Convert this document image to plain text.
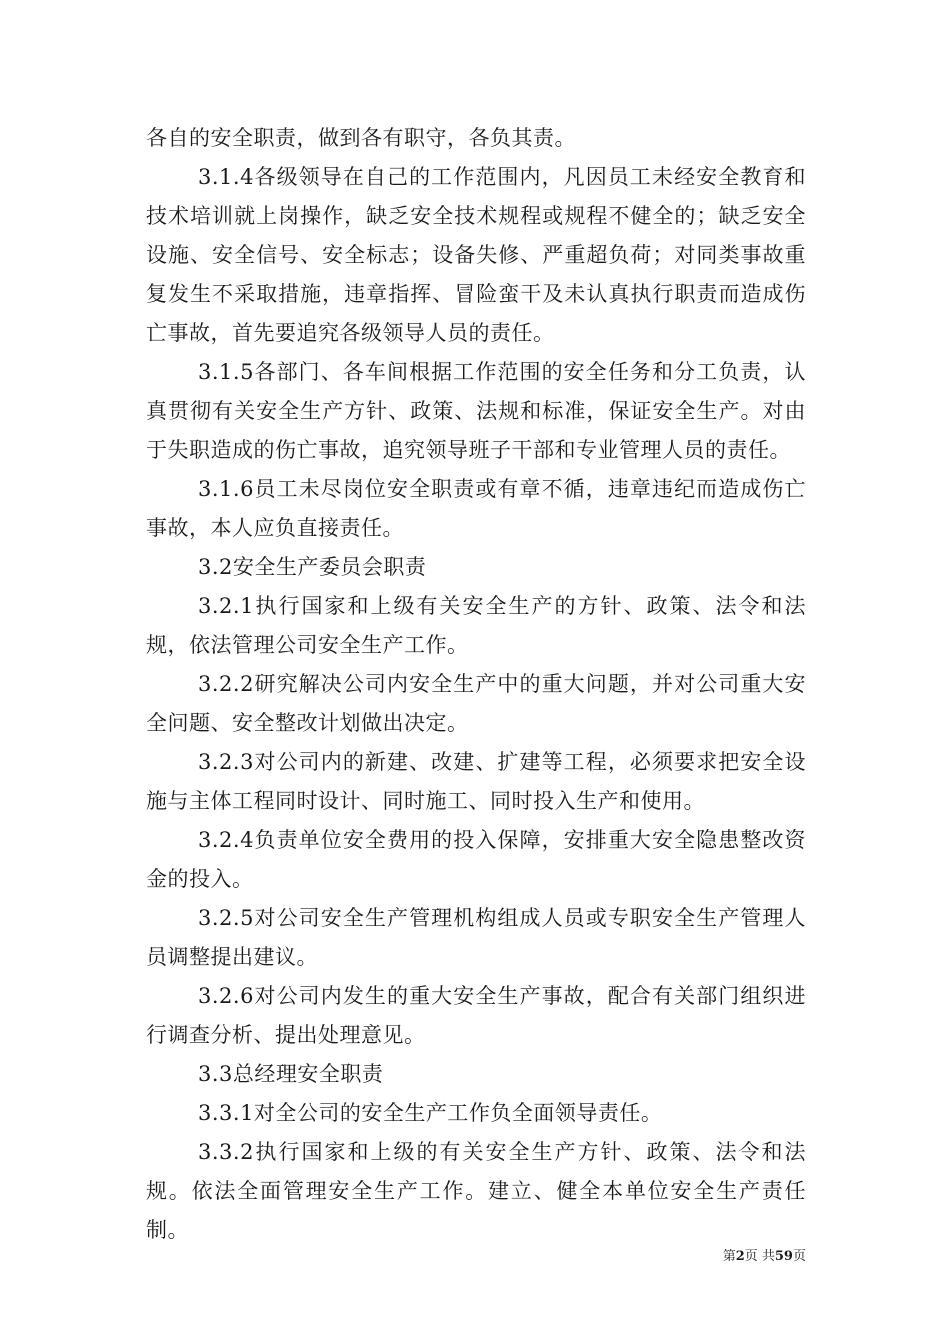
各自的安全职责，做到各有职守，各负其责。

3.1.4各级领导在自己的工作范围内，凡因员工未经安全教育和技术培训就上岗操作，缺乏安全技术规程或规程不健全的；缺乏安全设施、安全信号、安全标志；设备失修、严重超负荷；对同类事故重复发生不采取措施，违章指挥、冒险蛮干及未认真执行职责而造成伤亡事故，首先要追究各级领导人员的责任。

3.1.5各部门、各车间根据工作范围的安全任务和分工负责，认真贯彻有关安全生产方针、政策、法规和标准，保证安全生产。对由于失职造成的伤亡事故，追究领导班子干部和专业管理人员的责任。

3.1.6员工未尽岗位安全职责或有章不循，违章违纪而造成伤亡事故，本人应负直接责任。

3.2安全生产委员会职责

3.2.1执行国家和上级有关安全生产的方针、政策、法令和法规，依法管理公司安全生产工作。

3.2.2研究解决公司内安全生产中的重大问题，并对公司重大安全问题、安全整改计划做出决定。

3.2.3对公司内的新建、改建、扩建等工程，必须要求把安全设施与主体工程同时设计、同时施工、同时投入生产和使用。

3.2.4负责单位安全费用的投入保障，安排重大安全隐患整改资金的投入。

3.2.5对公司安全生产管理机构组成人员或专职安全生产管理人员调整提出建议。

3.2.6对公司内发生的重大安全生产事故，配合有关部门组织进行调查分析、提出处理意见。

3.3总经理安全职责

3.3.1对全公司的安全生产工作负全面领导责任。

3.3.2执行国家和上级的有关安全生产方针、政策、法令和法规。依法全面管理安全生产工作。建立、健全本单位安全生产责任制。

第2页 共59页
